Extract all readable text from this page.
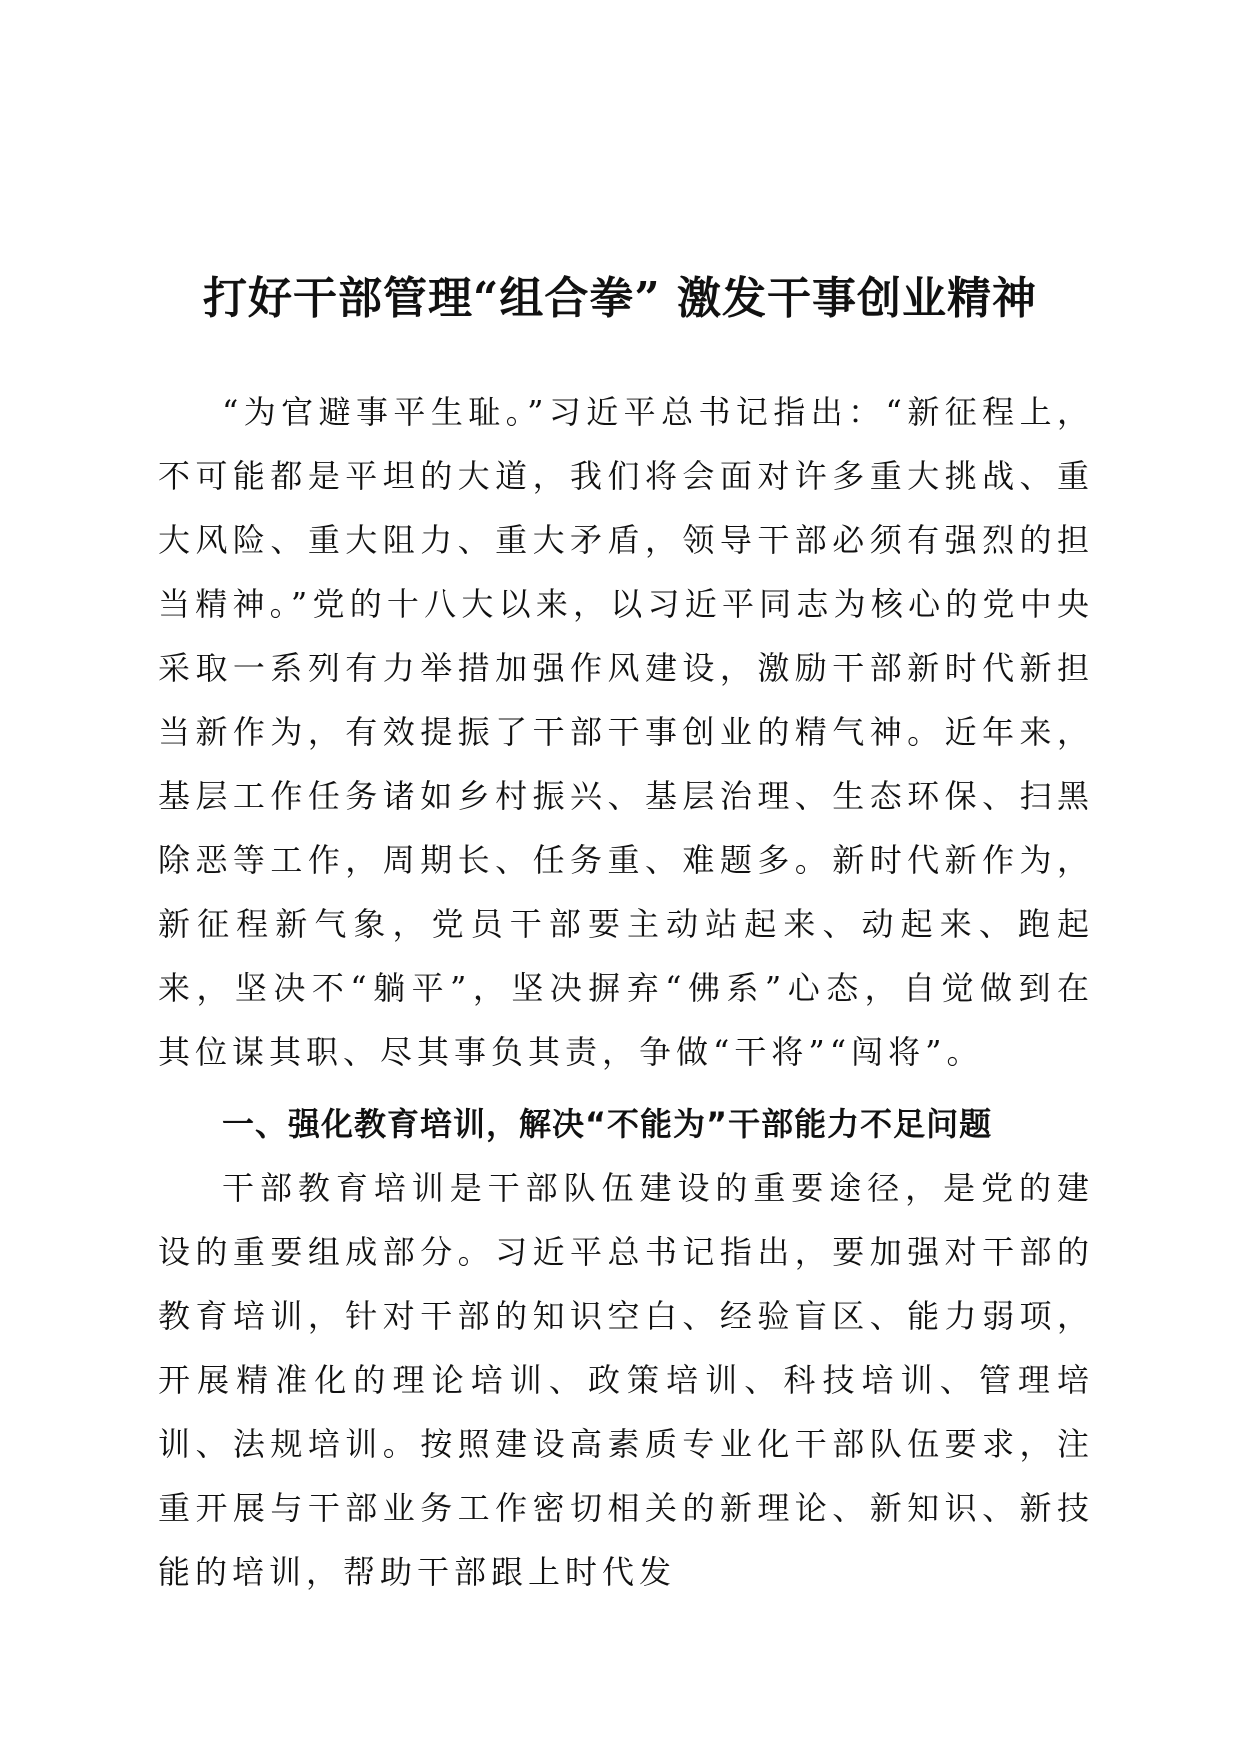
打好干部管理“组合拳” 激发干事创业精神

“为官避事平生耻。”习近平总书记指出：“新征程上，不可能都是平坦的大道，我们将会面对许多重大挑战、重大风险、重大阻力、重大矛盾，领导干部必须有强烈的担当精神。”党的十八大以来，以习近平同志为核心的党中央采取一系列有力举措加强作风建设，激励干部新时代新担当新作为，有效提振了干部干事创业的精气神。近年来，基层工作任务诸如乡村振兴、基层治理、生态环保、扫黑除恶等工作，周期长、任务重、难题多。新时代新作为，新征程新气象，党员干部要主动站起来、动起来、跑起来，坚决不“躺平”，坚决摒弃“佛系”心态，自觉做到在其位谋其职、尽其事负其责，争做“干将”“闯将”。

一、强化教育培训，解决“不能为”干部能力不足问题

干部教育培训是干部队伍建设的重要途径，是党的建设的重要组成部分。习近平总书记指出，要加强对干部的教育培训，针对干部的知识空白、经验盲区、能力弱项，开展精准化的理论培训、政策培训、科技培训、管理培训、法规培训。按照建设高素质专业化干部队伍要求，注重开展与干部业务工作密切相关的新理论、新知识、新技能的培训，帮助干部跟上时代发
